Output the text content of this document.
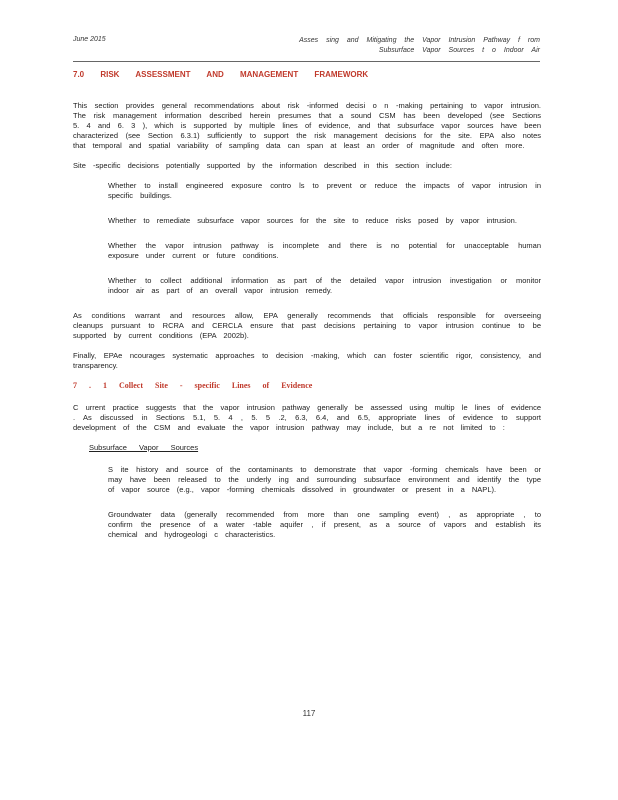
June 2015	Asses sing and Mitigating the Vapor Intrusion Pathway f rom
Subsurface Vapor Sources t o Indoor Air
7.0 RISK ASSESSMENT AND MANAGEMENT FRAMEWORK

This section provides general recommendations about risk -informed decisi o n -making pertaining to vapor intrusion. The risk management information described herein presumes that a sound CSM has been developed (see Sections 5. 4 and 6. 3 ), which is supported by multiple lines of evidence, and that subsurface vapor sources have been characterized (see Section 6.3.1) sufficiently to support the risk management decisions for the site. EPA also notes that temporal and spatial variability of sampling data can span at least an order of magnitude and often more.

Site -specific decisions potentially supported by the information described in this section include:

Whether to install engineered exposure contro ls to prevent or reduce the impacts of vapor intrusion in specific buildings.
Whether to remediate subsurface vapor sources for the site to reduce risks posed by vapor intrusion.
Whether the vapor intrusion pathway is incomplete and there is no potential for unacceptable human exposure under current or future conditions.
Whether to collect additional information as part of the detailed vapor intrusion investigation or monitor indoor air as part of an overall vapor intrusion remedy.

As conditions warrant and resources allow, EPA generally recommends that officials responsible for overseeing cleanups pursuant to RCRA and CERCLA ensure that past decisions pertaining to vapor intrusion continue to be supported by current conditions (EPA 2002b).

Finally, EPAe ncourages systematic approaches to decision -making, which can foster scientific rigor, consistency, and transparency.

7 . 1 Collect Site - specific Lines of Evidence

C urrent practice suggests that the vapor intrusion pathway generally be assessed using multip le lines of evidence . As discussed in Sections 5.1, 5. 4 , 5. 5 .2, 6.3, 6.4, and 6.5, appropriate lines of evidence to support development of the CSM and evaluate the vapor intrusion pathway may include, but a re not limited to :

Subsurface Vapor Sources
S ite history and source of the contaminants to demonstrate that vapor -forming chemicals have been or may have been released to the underly ing and surrounding subsurface environment and identify the type of vapor source (e.g., vapor -forming chemicals dissolved in groundwater or present in a NAPL).
Groundwater data (generally recommended from more than one sampling event) , as appropriate , to confirm the presence of a water -table aquifer , if present, as a source of vapors and establish its chemical and hydrogeologi c characteristics.
117
